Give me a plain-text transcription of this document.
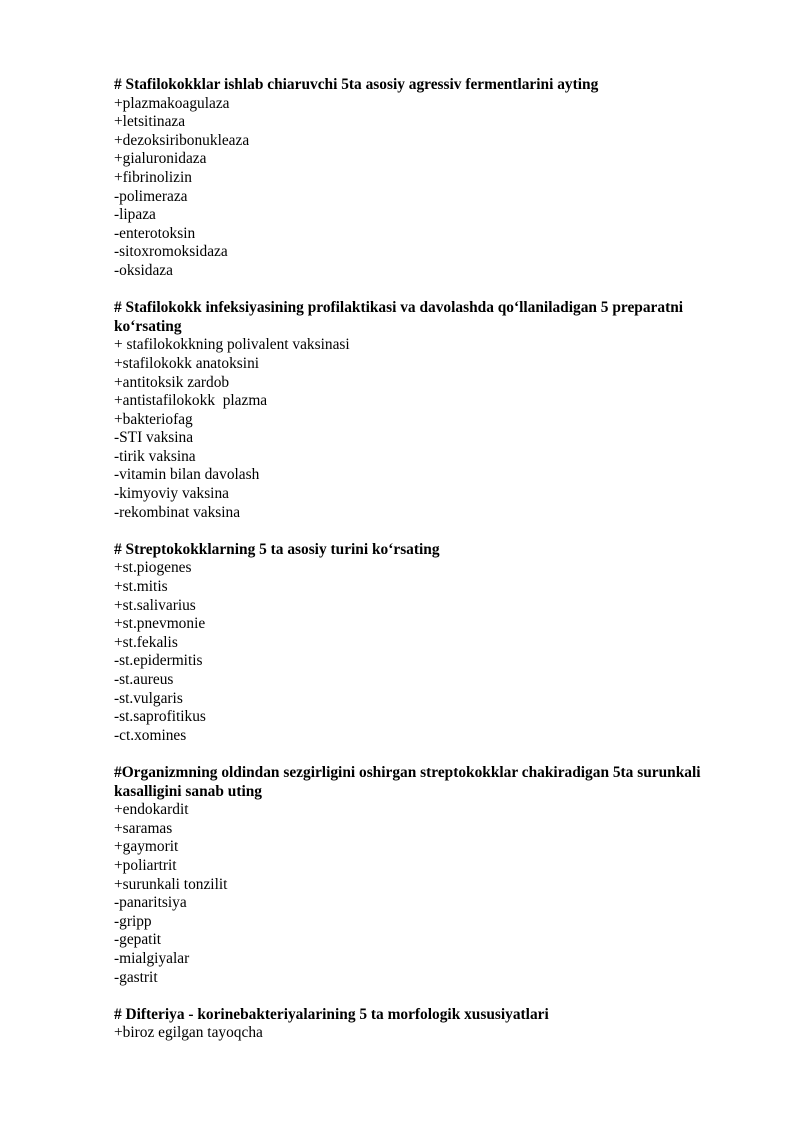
# Stafilokokklar ishlab chiaruvchi 5ta asosiy agressiv fermentlarini ayting
+plazmakoagulaza
+letsitinaza
+dezoksiribonukleaza
+gialuronidaza
+fibrinolizin
-polimeraza
-lipaza
-enterotoksin
-sitoxromoksidaza
-oksidaza
# Stafilokokk infeksiyasining profilaktikasi va davolashda qo‘llaniladigan 5 preparatni ko‘rsating
+ stafilokokkning polivalent vaksinasi
+stafilokokk anatoksini
+antitoksik zardob
+antistafilokokk  plazma
+bakteriofag
-STI vaksina
-tirik vaksina
-vitamin bilan davolash
-kimyoviy vaksina
-rekombinat vaksina
# Streptokokklarning 5 ta asosiy turini ko‘rsating
+st.piogenes
+st.mitis
+st.salivarius
+st.pnevmonie
+st.fekalis
-st.epidermitis
-st.aureus
-st.vulgaris
-st.saprofitikus
-ct.xomines
#Organizmning oldindan sezgirligini oshirgan streptokokklar chakiradigan 5ta surunkali kasalligini sanab uting
+endokardit
+saramas
+gaymorit
+poliartrit
+surunkali tonzilit
-panaritsiya
-gripp
-gepatit
-mialgiyalar
-gastrit
# Difteriya - korinebakteriyalarining 5 ta morfologik xususiyatlari
+biroz egilgan tayoqcha
